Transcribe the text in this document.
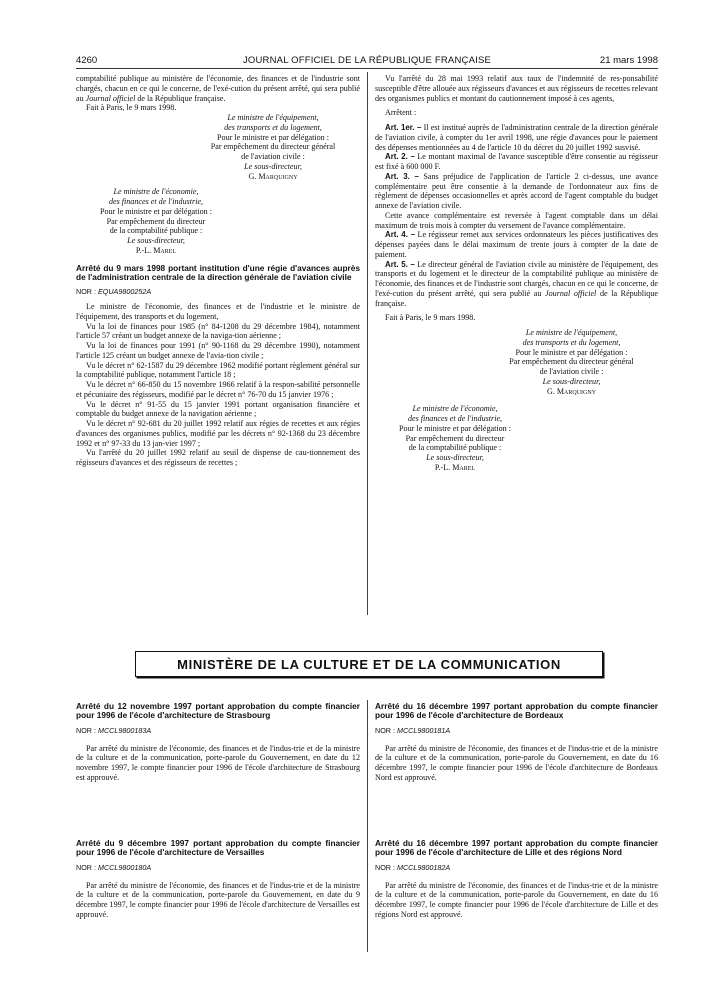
4260	JOURNAL OFFICIEL DE LA RÉPUBLIQUE FRANÇAISE	21 mars 1998

comptabilité publique au ministère de l'économie, des finances et de l'industrie sont chargés, chacun en ce qui le concerne, de l'exé-cution du présent arrêté, qui sera publié au Journal officiel de la République française.

Fait à Paris, le 9 mars 1998.

Le ministre de l'équipement,

des transports et du logement,

Pour le ministre et par délégation :

Par empêchement du directeur général

de l'aviation civile :

Le sous-directeur,

G. Marquigny

Le ministre de l'économie,

des finances et de l'industrie,

Pour le ministre et par délégation :

Par empêchement du directeur

de la comptabilité publique :

Le sous-directeur,

P.-L. Marel

Arrêté du 9 mars 1998 portant institution d'une régie d'avances auprès de l'administration centrale de la direction générale de l'aviation civile

NOR : EQUA9800252A

Le ministre de l'économie, des finances et de l'industrie et le ministre de l'équipement, des transports et du logement,

Vu la loi de finances pour 1985 (n° 84-1208 du 29 décembre 1984), notamment l'article 57 créant un budget annexe de la naviga-tion aérienne ;

Vu la loi de finances pour 1991 (n° 90-1168 du 29 décembre 1990), notamment l'article 125 créant un budget annexe de l'avia-tion civile ;

Vu le décret n° 62-1587 du 29 décembre 1962 modifié portant règlement général sur la comptabilité publique, notamment l'article 18 ;

Vu le décret n° 66-850 du 15 novembre 1966 relatif à la respon-sabilité personnelle et pécuniaire des régisseurs, modifié par le décret n° 76-70 du 15 janvier 1976 ;

Vu le décret n° 91-55 du 15 janvier 1991 portant organisation financière et comptable du budget annexe de la navigation aérienne ;

Vu le décret n° 92-681 du 20 juillet 1992 relatif aux régies de recettes et aux régies d'avances des organismes publics, modifié par les décrets n° 92-1368 du 23 décembre 1992 et n° 97-33 du 13 jan-vier 1997 ;

Vu l'arrêté du 20 juillet 1992 relatif au seuil de dispense de cau-tionnement des régisseurs d'avances et des régisseurs de recettes ;

Vu l'arrêté du 28 mai 1993 relatif aux taux de l'indemnité de res-ponsabilité susceptible d'être allouée aux régisseurs d'avances et aux régisseurs de recettes relevant des organismes publics et montant du cautionnement imposé à ces agents,

Arrêtent :

Art. 1er. – Il est institué auprès de l'administration centrale de la direction générale de l'aviation civile, à compter du 1er avril 1998, une régie d'avances pour le paiement des dépenses mentionnées au 4 de l'article 10 du décret du 20 juillet 1992 susvisé.

Art. 2. – Le montant maximal de l'avance susceptible d'être consentie au régisseur est fixé à 600 000 F.

Art. 3. – Sans préjudice de l'application de l'article 2 ci-dessus, une avance complémentaire peut être consentie à la demande de l'ordonnateur aux fins de règlement de dépenses occasionnelles et après accord de l'agent comptable du budget annexe de l'aviation civile.

Cette avance complémentaire est reversée à l'agent comptable dans un délai maximum de trois mois à compter du versement de l'avance complémentaire.

Art. 4. – Le régisseur remet aux services ordonnateurs les pièces justificatives des dépenses payées dans le délai maximum de trente jours à compter de la date de paiement.

Art. 5. – Le directeur général de l'aviation civile au ministère de l'équipement, des transports et du logement et le directeur de la comptabilité publique au ministère de l'économie, des finances et de l'industrie sont chargés, chacun en ce qui le concerne, de l'exé-cution du présent arrêté, qui sera publié au Journal officiel de la République française.

Fait à Paris, le 9 mars 1998.

Le ministre de l'équipement,

des transports et du logement,

Pour le ministre et par délégation :

Par empêchement du directeur général

de l'aviation civile :

Le sous-directeur,

G. Marquigny

Le ministre de l'économie,

des finances et de l'industrie,

Pour le ministre et par délégation :

Par empêchement du directeur

de la comptabilité publique :

Le sous-directeur,

P.-L. Marel

MINISTÈRE DE LA CULTURE ET DE LA COMMUNICATION

Arrêté du 12 novembre 1997 portant approbation du compte financier pour 1996 de l'école d'architecture de Strasbourg

NOR : MCCL9800183A

Par arrêté du ministre de l'économie, des finances et de l'indus-trie et de la ministre de la culture et de la communication, porte-parole du Gouvernement, en date du 12 novembre 1997, le compte financier pour 1996 de l'école d'architecture de Strasbourg est approuvé.

Arrêté du 16 décembre 1997 portant approbation du compte financier pour 1996 de l'école d'architecture de Bordeaux

NOR : MCCL9800181A

Par arrêté du ministre de l'économie, des finances et de l'indus-trie et de la ministre de la culture et de la communication, porte-parole du Gouvernement, en date du 16 décembre 1997, le compte financier pour 1996 de l'école d'architecture de Bordeaux Nord est approuvé.

Arrêté du 9 décembre 1997 portant approbation du compte financier pour 1996 de l'école d'architecture de Versailles

NOR : MCCL9800180A

Par arrêté du ministre de l'économie, des finances et de l'indus-trie et de la ministre de la culture et de la communication, porte-parole du Gouvernement, en date du 9 décembre 1997, le compte financier pour 1996 de l'école d'architecture de Versailles est approuvé.

Arrêté du 16 décembre 1997 portant approbation du compte financier pour 1996 de l'école d'architecture de Lille et des régions Nord

NOR : MCCL9800182A

Par arrêté du ministre de l'économie, des finances et de l'indus-trie et de la ministre de la culture et de la communication, porte-parole du Gouvernement, en date du 16 décembre 1997, le compte financier pour 1996 de l'école d'architecture de Lille et des régions Nord est approuvé.
